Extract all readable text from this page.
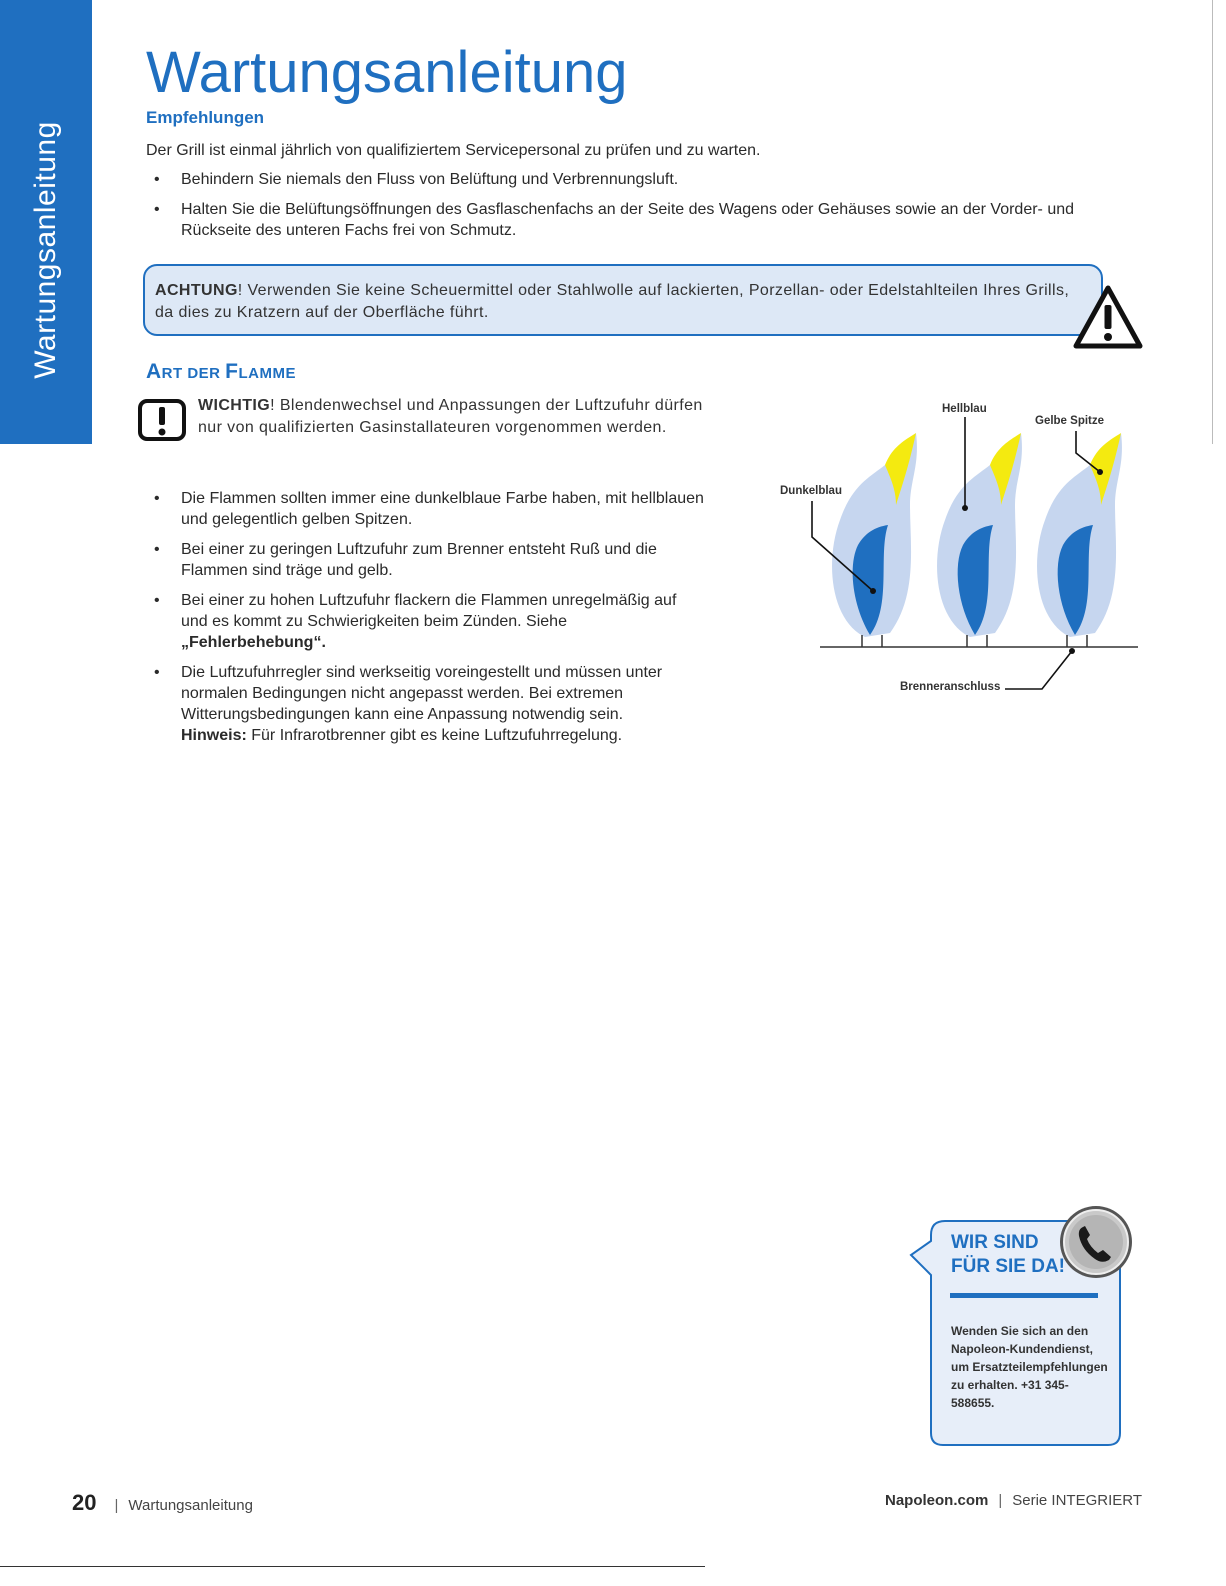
Wartungsanleitung
Wartungsanleitung
Empfehlungen

Der Grill ist einmal jährlich von qualifiziertem Servicepersonal zu prüfen und zu warten.

• Behindern Sie niemals den Fluss von Belüftung und Verbrennungsluft.
• Halten Sie die Belüftungsöffnungen des Gasflaschenfachs an der Seite des Wagens oder Gehäuses sowie an der Vorder- und Rückseite des unteren Fachs frei von Schmutz.

ACHTUNG! Verwenden Sie keine Scheuermittel oder Stahlwolle auf lackierten, Porzellan- oder Edelstahlteilen Ihres Grills, da dies zu Kratzern auf der Oberfläche führt.

ART DER FLAMME

WICHTIG! Blendenwechsel und Anpassungen der Luftzufuhr dürfen nur von qualifizierten Gasinstallateuren vorgenommen werden.

• Die Flammen sollten immer eine dunkelblaue Farbe haben, mit hellblauen und gelegentlich gelben Spitzen.
• Bei einer zu geringen Luftzufuhr zum Brenner entsteht Ruß und die Flammen sind träge und gelb.
• Bei einer zu hohen Luftzufuhr flackern die Flammen unregelmäßig auf und es kommt zu Schwierigkeiten beim Zünden. Siehe „Fehlerbehebung“.
• Die Luftzufuhrregler sind werkseitig voreingestellt und müssen unter normalen Bedingungen nicht angepasst werden. Bei extremen Witterungsbedingungen kann eine Anpassung notwendig sein.
Hinweis: Für Infrarotbrenner gibt es keine Luftzufuhrregelung.
Hellblau
Gelbe Spitze
Dunkelblau
Brenneranschluss
WIR SIND
FÜR SIE DA!

Wenden Sie sich an den Napoleon-Kundendienst, um Ersatzteilempfehlungen zu erhalten. +31 345-588655.

20 | Wartungsanleitung	Napoleon.com | Serie INTEGRIERT
